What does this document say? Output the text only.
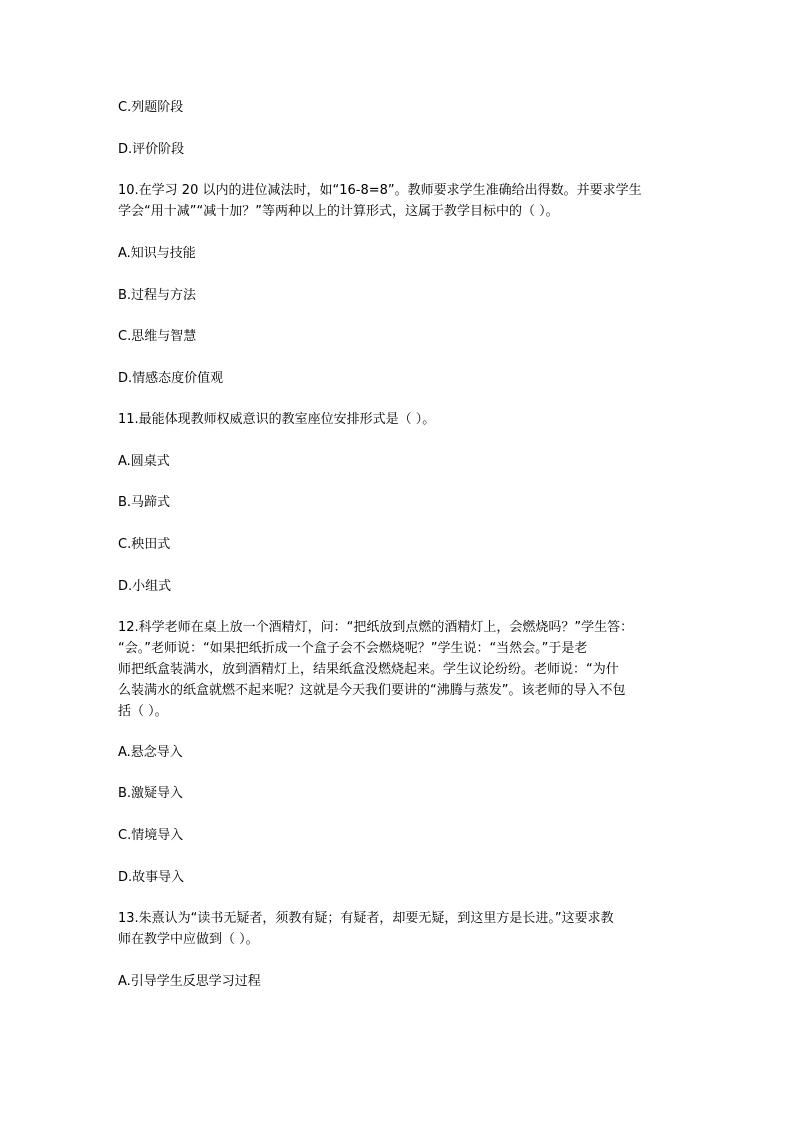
C.列题阶段
D.评价阶段
10.在学习 20 以内的进位减法时，如“16-8=8”。教师要求学生准确给出得数。并要求学生
学会“用十减”“减十加？”等两种以上的计算形式，这属于教学目标中的（ ）。
A.知识与技能
B.过程与方法
C.思维与智慧
D.情感态度价值观
11.最能体现教师权威意识的教室座位安排形式是（ ）。
A.圆桌式
B.马蹄式
C.秧田式
D.小组式
12.科学老师在桌上放一个酒精灯，问：“把纸放到点燃的酒精灯上，会燃烧吗？”学生答：
“会。”老师说：“如果把纸折成一个盒子会不会燃烧呢？”学生说：“当然会。”于是老
师把纸盒装满水，放到酒精灯上，结果纸盒没燃烧起来。学生议论纷纷。老师说：“为什
么装满水的纸盒就燃不起来呢？这就是今天我们要讲的“沸腾与蒸发”。该老师的导入不包
括（ ）。
A.悬念导入
B.激疑导入
C.情境导入
D.故事导入
13.朱熹认为“读书无疑者，须教有疑；有疑者，却要无疑，到这里方是长进。”这要求教
师在教学中应做到（ ）。
A.引导学生反思学习过程
